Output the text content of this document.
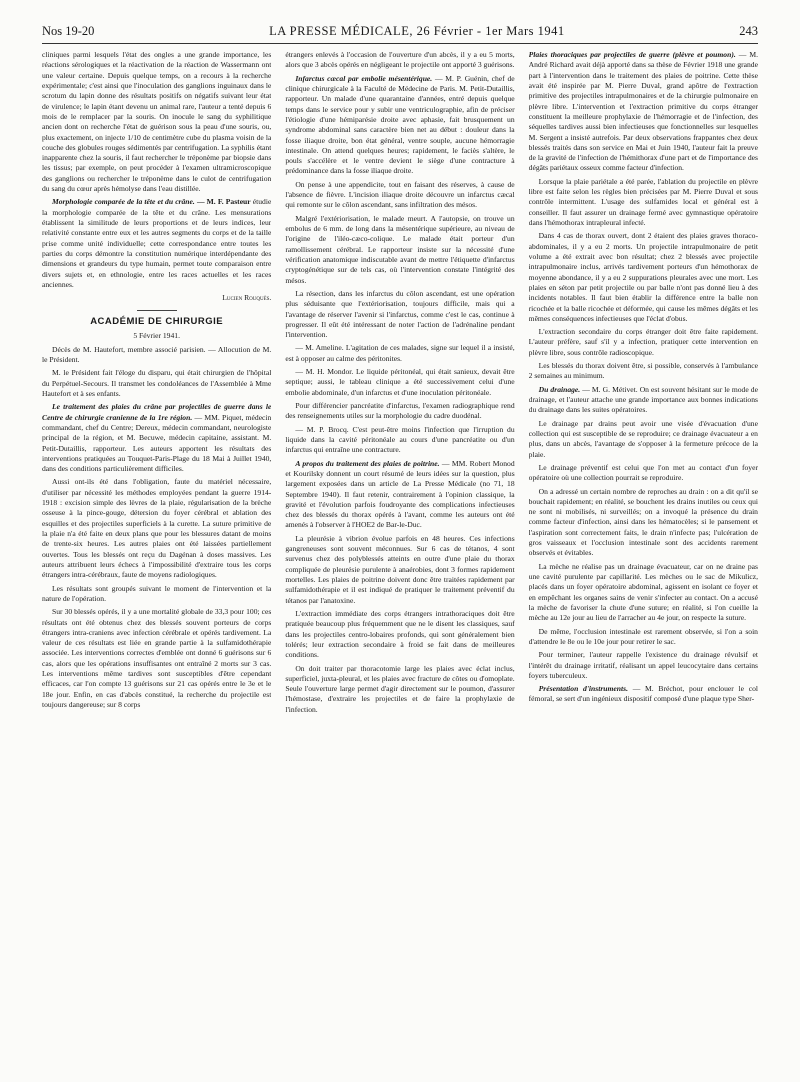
Nos 19-20	LA PRESSE MÉDICALE, 26 Février - 1er Mars 1941	243

cliniques parmi lesquels l'état des ongles a une grande importance, les réactions sérologiques et la réactivation de la réaction de Wassermann ont une valeur certaine. Depuis quelque temps, on a recours à la recherche expérimentale; c'est ainsi que l'inoculation des ganglions inguinaux dans le scrotum du lapin donne des résultats positifs on négatifs suivant leur état de virulence; le lapin étant devenu un animal rare, l'auteur a tenté depuis 6 mois de le remplacer par la souris. On inocule le sang du syphilitique ancien dont on recherche l'état de guérison sous la peau d'une souris, ou, plus exactement, on injecte 1/10 de centimètre cube du plasma voisin de la couche des globules rouges sédimentés par centrifugation. La syphilis étant inapparente chez la souris, il faut rechercher le tréponème par biopsie dans les tissus; par exemple, on peut procéder à l'examen ultramicroscopique des ganglions ou rechercher le tréponème dans le culot de centrifugation du sang du cœur après hémolyse dans l'eau distillée.

Morphologie comparée de la tête et du crâne. — M. F. Pasteur étudie la morphologie comparée de la tête et du crâne. Les mensurations établissent la similitude de leurs proportions et de leurs indices, leur relativité constante entre eux et les autres segments du corps et de la taille prise comme unité individuelle; cette correspondance entre toutes les parties du corps démontre la constitution numérique interdépendante des dimensions et grandeurs du type humain, permet toute comparaison entre divers sujets et, en ethnologie, entre les races actuelles et les races anciennes.

Lucien Rouquès.

ACADÉMIE DE CHIRURGIE

5 Février 1941.

Décès de M. Hautefort, membre associé parisien. — Allocution de M. le Président.

M. le Président fait l'éloge du disparu, qui était chirurgien de l'hôpital du Perpétuel-Secours. Il transmet les condoléances de l'Assemblée à Mme Hautefort et à ses enfants.

Le traitement des plaies du crâne par projectiles de guerre dans le Centre de chirurgie cranienne de la 1re région. — MM. Piquet, médecin commandant, chef du Centre; Dereux, médecin commandant, neurologiste principal de la région, et M. Becuwe, médecin capitaine, assistant. M. Petit-Dutaillis, rapporteur. Les auteurs apportent les résultats des interventions pratiquées au Touquet-Paris-Plage du 18 Mai à Juillet 1940, dans des conditions particulièrement difficiles.

Aussi ont-ils été dans l'obligation, faute du matériel nécessaire, d'utiliser par nécessité les méthodes employées pendant la guerre 1914-1918 : excision simple des lèvres de la plaie, régularisation de la brèche osseuse à la pince-gouge, détersion du foyer cérébral et ablation des esquilles et des projectiles superficiels à la curette. La suture primitive de la plaie n'a été faite en deux plans que pour les blessures datant de moins de trente-six heures. Les autres plaies ont été laissées partiellement ouvertes. Tous les blessés ont reçu du Dagénan à doses massives. Les auteurs attribuent leurs échecs à l'impossibilité d'extraire tous les corps étrangers intra-cérébraux, faute de moyens radiologiques.

Les résultats sont groupés suivant le moment de l'intervention et la nature de l'opération.

Sur 30 blessés opérés, il y a une mortalité globale de 33,3 pour 100; ces résultats ont été obtenus chez des blessés souvent porteurs de corps étrangers intra-craniens avec infection cérébrale et opérés tardivement. La valeur de ces résultats est liée en grande partie à la sulfamidothérapie associée. Les interventions correctes d'emblée ont donné 6 guérisons sur 6 cas, alors que les opérations insuffisantes ont entraîné 2 morts sur 3 cas. Les interventions même tardives sont susceptibles d'être cependant efficaces, car l'on compte 13 guérisons sur 21 cas opérés entre le 3e et le 18e jour. Enfin, en cas d'abcès constitué, la recherche du projectile est toujours dangereuse; sur 8 corps

étrangers enlevés à l'occasion de l'ouverture d'un abcès, il y a eu 5 morts, alors que 3 abcès opérés en négligeant le projectile ont apporté 3 guérisons.

Infarctus cæcal par embolie mésentérique. — M. P. Guénin, chef de clinique chirurgicale à la Faculté de Médecine de Paris. M. Petit-Dutaillis, rapporteur. Un malade d'une quarantaine d'années, entré depuis quelque temps dans le service pour y subir une ventriculographie, afin de préciser l'étiologie d'une hémiparésie droite avec aphasie, fait brusquement un syndrome abdominal sans caractère bien net au début : douleur dans la fosse iliaque droite, bon état général, ventre souple, aucune hémorragie intestinale. On attend quelques heures; rapidement, le faciès s'altère, le pouls s'accélère et le ventre devient le siège d'une contracture à prédominance dans la fosse iliaque droite.

On pense à une appendicite, tout en faisant des réserves, à cause de l'absence de fièvre. L'incision iliaque droite découvre un infarctus cæcal qui remonte sur le côlon ascendant, sans infiltration des mésos.

Malgré l'extériorisation, le malade meurt. A l'autopsie, on trouve un embolus de 6 mm. de long dans la mésentérique supérieure, au niveau de l'origine de l'iléo-cæco-colique. Le malade était porteur d'un ramollissement cérébral. Le rapporteur insiste sur la nécessité d'une vérification anatomique indiscutable avant de mettre l'étiquette d'infarctus cryptogénétique sur de tels cas, où l'intervention constate l'intégrité des mésos.

La résection, dans les infarctus du côlon ascendant, est une opération plus séduisante que l'extériorisation, toujours difficile, mais qui a l'avantage de réserver l'avenir si l'infarctus, comme c'est le cas, continue à progresser. Il eût été intéressant de noter l'action de l'adrénaline pendant l'intervention.

— M. Ameline. L'agitation de ces malades, signe sur lequel il a insisté, est à opposer au calme des péritonites.

— M. H. Mondor. Le liquide péritonéal, qui était sanieux, devait être septique; aussi, le tableau clinique a été successivement celui d'une embolie abdominale, d'un infarctus et d'une inoculation péritonéale.

Pour différencier pancréatite d'infarctus, l'examen radiographique rend des renseignements utiles sur la morphologie du cadre duodénal.

— M. P. Brocq. C'est peut-être moins l'infection que l'irruption du liquide dans la cavité péritonéale au cours d'une pancréatite ou d'un infarctus qui entraîne une contracture.

A propos du traitement des plaies de poitrine. — MM. Robert Monod et Kourilsky donnent un court résumé de leurs idées sur la question, plus largement exposées dans un article de La Presse Médicale (no 71, 18 Septembre 1940). Il faut retenir, contrairement à l'opinion classique, la gravité et l'évolution parfois foudroyante des complications infectieuses chez des blessés du thorax opérés à l'avant, comme les auteurs ont été amenés à l'observer à l'HOE2 de Bar-le-Duc.

La pleurésie à vibrion évolue parfois en 48 heures. Ces infections gangreneuses sont souvent méconnues. Sur 6 cas de tétanos, 4 sont survenus chez des polyblessés atteints en outre d'une plaie du thorax compliquée de pleurésie purulente à anaérobies, dont 3 formes rapidement mortelles. Les plaies de poitrine doivent donc être traitées rapidement par sulfamidothérapie et il est indiqué de pratiquer le traitement préventif du tétanos par l'anatoxine.

L'extraction immédiate des corps étrangers intrathoraciques doit être pratiquée beaucoup plus fréquemment que ne le disent les classiques, sauf dans les projectiles centro-lobaires profonds, qui sont généralement bien tolérés; leur extraction secondaire à froid se fait dans de meilleures conditions.

On doit traiter par thoracotomie large les plaies avec éclat inclus, superficiel, juxta-pleural, et les plaies avec fracture de côtes ou d'omoplate. Seule l'ouverture large permet d'agir directement sur le poumon, d'assurer l'hémostase, d'extraire les projectiles et de faire la prophylaxie de l'infection.

Plaies thoraciques par projectiles de guerre (plèvre et poumon). — M. André Richard avait déjà apporté dans sa thèse de Février 1918 une grande part à l'intervention dans le traitement des plaies de poitrine. Cette thèse avait été inspirée par M. Pierre Duval, grand apôtre de l'extraction primitive des projectiles intrapulmonaires et de la chirurgie pulmonaire en plèvre libre. L'intervention et l'extraction primitive du corps étranger constituent la meilleure prophylaxie de l'hémorragie et de l'infection, des séquelles tardives aussi bien infectieuses que fonctionnelles sur lesquelles M. Sergent a insisté autrefois. Par deux observations frappantes chez deux blessés traités dans son service en Mai et Juin 1940, l'auteur fait la preuve de la gravité de l'infection de l'hémithorax d'une part et de l'importance des dégâts pariétaux osseux comme facteur d'infection.

Lorsque la plaie pariétale a été parée, l'ablation du projectile en plèvre libre est faite selon les règles bien précisées par M. Pierre Duval et sous contrôle intermittent. L'usage des sulfamides local et général est à conseiller. Il faut assurer un drainage fermé avec gymnastique opératoire dans l'hémothorax intrapleural infecté.

Dans 4 cas de thorax ouvert, dont 2 étaient des plaies graves thoraco-abdominales, il y a eu 2 morts. Un projectile intrapulmonaire de petit volume a été extrait avec bon résultat; chez 2 blessés avec projectile intrapulmonaire inclus, arrivés tardivement porteurs d'un hémothorax de moyenne abondance, il y a eu 2 suppurations pleurales avec une mort. Les plaies en séton par petit projectile ou par balle n'ont pas donné lieu à des incidents notables. Il faut bien établir la différence entre la balle non ricochée et la balle ricochée et déformée, qui cause les mêmes dégâts et les mêmes conséquences infectieuses que l'éclat d'obus.

L'extraction secondaire du corps étranger doit être faite rapidement. L'auteur préfère, sauf s'il y a infection, pratiquer cette intervention en plèvre libre, sous contrôle radioscopique.

Les blessés du thorax doivent être, si possible, conservés à l'ambulance 2 semaines au minimum.

Du drainage. — M. G. Métivet. On est souvent hésitant sur le mode de drainage, et l'auteur attache une grande importance aux bonnes indications du drainage dans les suites opératoires.

Le drainage par drains peut avoir une visée d'évacuation d'une collection qui est susceptible de se reproduire; ce drainage évacuateur a en plus, dans un abcès, l'avantage de s'opposer à la fermeture précoce de la plaie.

Le drainage préventif est celui que l'on met au contact d'un foyer opératoire où une collection pourrait se reproduire.

On a adressé un certain nombre de reproches au drain : on a dit qu'il se bouchait rapidement; en réalité, se bouchent les drains inutiles ou ceux qui ne sont ni mobilisés, ni surveillés; on a invoqué la présence du drain comme facteur d'infection, ainsi dans les hématocèles; si le pansement et l'aspiration sont correctement faits, le drain n'infecte pas; l'ulcération de gros vaisseaux et l'occlusion intestinale sont des accidents rarement observés et évitables.

La mèche ne réalise pas un drainage évacuateur, car on ne draine pas une cavité purulente par capillarité. Les mèches ou le sac de Mikulicz, placés dans un foyer opératoire abdominal, agissent en isolant ce foyer et en empêchant les organes sains de venir s'infecter au contact. On a accusé la mèche de favoriser la chute d'une suture; en réalité, si l'on cueille la mèche au 12e jour au lieu de l'arracher au 4e jour, on respecte la suture.

De même, l'occlusion intestinale est rarement observée, si l'on a soin d'attendre le 8e ou le 10e jour pour retirer le sac.

Pour terminer, l'auteur rappelle l'existence du drainage révulsif et l'intérêt du drainage irritatif, réalisant un appel leucocytaire dans certains foyers tuberculeux.

Présentation d'instruments. — M. Bréchot, pour enclouer le col fémoral, se sert d'un ingénieux dispositif composé d'une plaque type Sher-
